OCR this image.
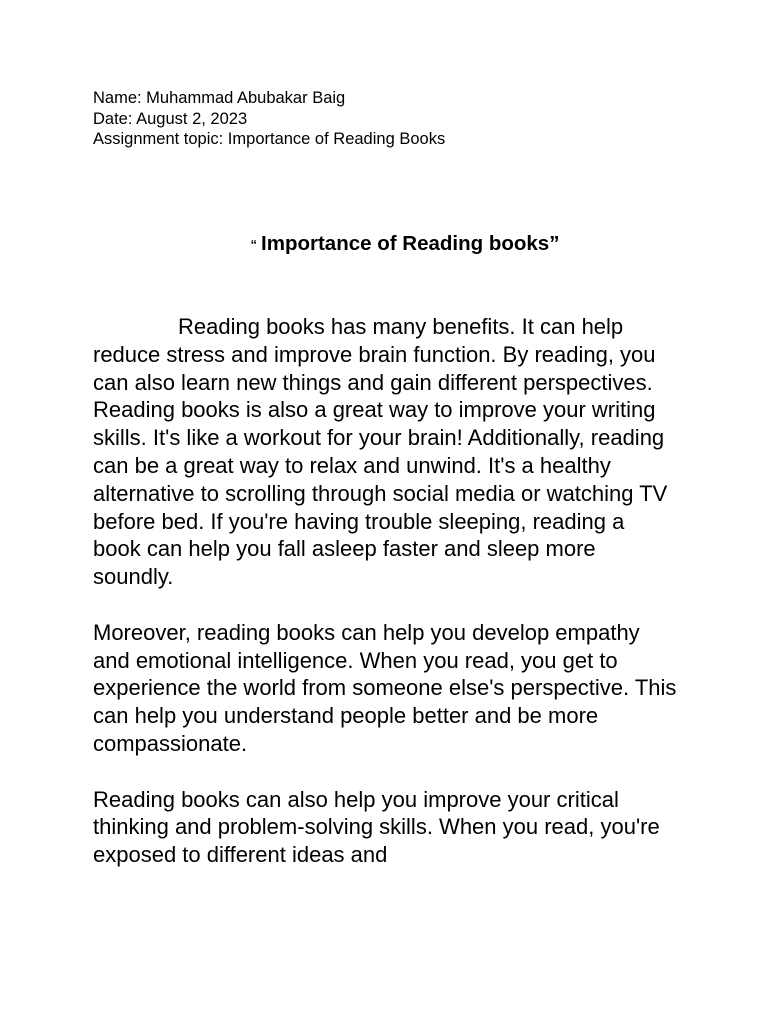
Name: Muhammad Abubakar Baig
Date: August 2, 2023
Assignment topic: Importance of Reading Books
“ Importance of Reading books”

Reading books has many benefits. It can help reduce stress and improve brain function. By reading, you can also learn new things and gain different perspectives. Reading books is also a great way to improve your writing skills. It's like a workout for your brain! Additionally, reading can be a great way to relax and unwind. It's a healthy alternative to scrolling through social media or watching TV before bed. If you're having trouble sleeping, reading a book can help you fall asleep faster and sleep more soundly.

Moreover, reading books can help you develop empathy and emotional intelligence. When you read, you get to experience the world from someone else's perspective. This can help you understand people better and be more compassionate.

Reading books can also help you improve your critical thinking and problem-solving skills. When you read, you're exposed to different ideas and
